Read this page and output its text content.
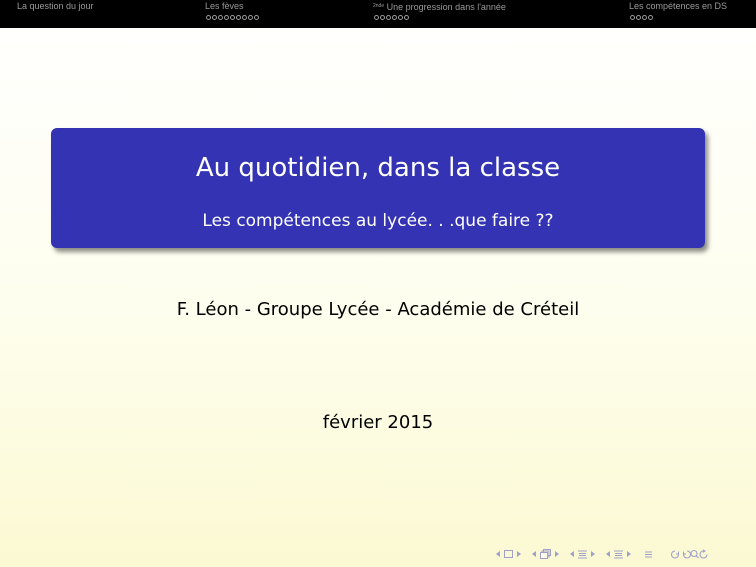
La question du jour	Les fèves	$^{2nde}$ Une progression dans l'année	Les compétences en DS
Au quotidien, dans la classe
Les compétences au lycée. . .que faire ??
F. Léon - Groupe Lycée - Académie de Créteil
février 2015
